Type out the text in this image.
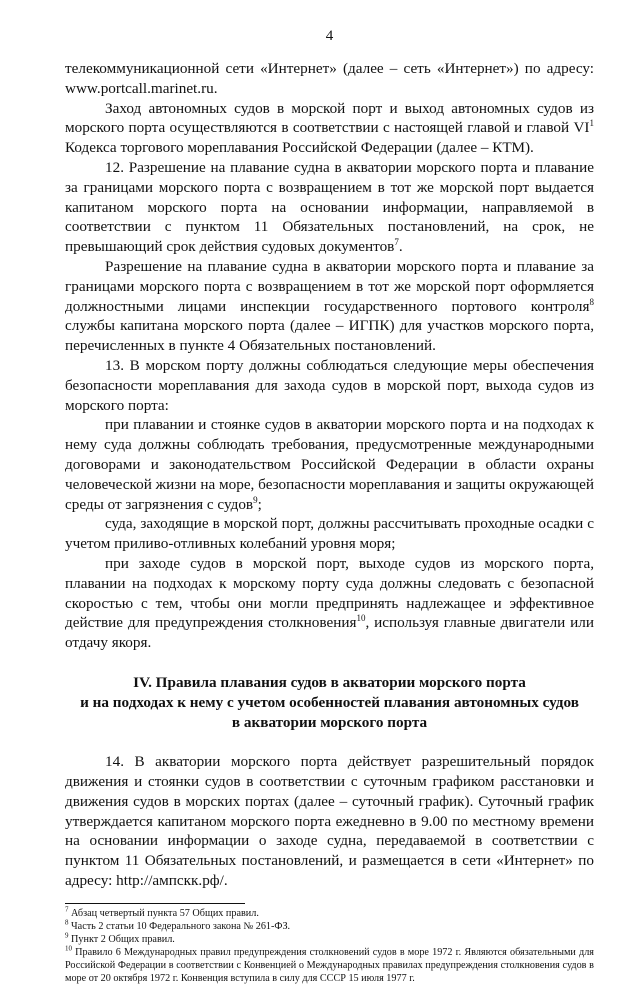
4

телекоммуникационной сети «Интернет» (далее – сеть «Интернет») по адресу: www.portcall.marinet.ru.

Заход автономных судов в морской порт и выход автономных судов из морского порта осуществляются в соответствии с настоящей главой и главой $VI^1$ Кодекса торгового мореплавания Российской Федерации (далее – КТМ).

12. Разрешение на плавание судна в акватории морского порта и плавание за границами морского порта с возвращением в тот же морской порт выдается капитаном морского порта на основании информации, направляемой в соответствии с пунктом 11 Обязательных постановлений, на срок, не превышающий срок действия судовых документов$^7$.

Разрешение на плавание судна в акватории морского порта и плавание за границами морского порта с возвращением в тот же морской порт оформляется должностными лицами инспекции государственного портового контроля$^8$ службы капитана морского порта (далее – ИГПК) для участков морского порта, перечисленных в пункте 4 Обязательных постановлений.

13. В морском порту должны соблюдаться следующие меры обеспечения безопасности мореплавания для захода судов в морской порт, выхода судов из морского порта:

при плавании и стоянке судов в акватории морского порта и на подходах к нему суда должны соблюдать требования, предусмотренные международными договорами и законодательством Российской Федерации в области охраны человеческой жизни на море, безопасности мореплавания и защиты окружающей среды от загрязнения с судов$^9$;

суда, заходящие в морской порт, должны рассчитывать проходные осадки с учетом приливо-отливных колебаний уровня моря;

при заходе судов в морской порт, выходе судов из морского порта, плавании на подходах к морскому порту суда должны следовать с безопасной скоростью с тем, чтобы они могли предпринять надлежащее и эффективное действие для предупреждения столкновения$^{10}$, используя главные двигатели или отдачу якоря.

IV. Правила плавания судов в акватории морского порта
и на подходах к нему с учетом особенностей плавания автономных судов
в акватории морского порта

14. В акватории морского порта действует разрешительный порядок движения и стоянки судов в соответствии с суточным графиком расстановки и движения судов в морских портах (далее – суточный график). Суточный график утверждается капитаном морского порта ежедневно в 9.00 по местному времени на основании информации о заходе судна, передаваемой в соответствии с пунктом 11 Обязательных постановлений, и размещается в сети «Интернет» по адресу: http://ампскк.рф/.

$^7$ Абзац четвертый пункта 57 Общих правил.
$^8$ Часть 2 статьи 10 Федерального закона № 261-ФЗ.
$^9$ Пункт 2 Общих правил.
$^{10}$ Правило 6 Международных правил предупреждения столкновений судов в море 1972 г. Являются обязательными для Российской Федерации в соответствии с Конвенцией о Международных правилах предупреждения столкновения судов в море от 20 октября 1972 г. Конвенция вступила в силу для СССР 15 июля 1977 г.
